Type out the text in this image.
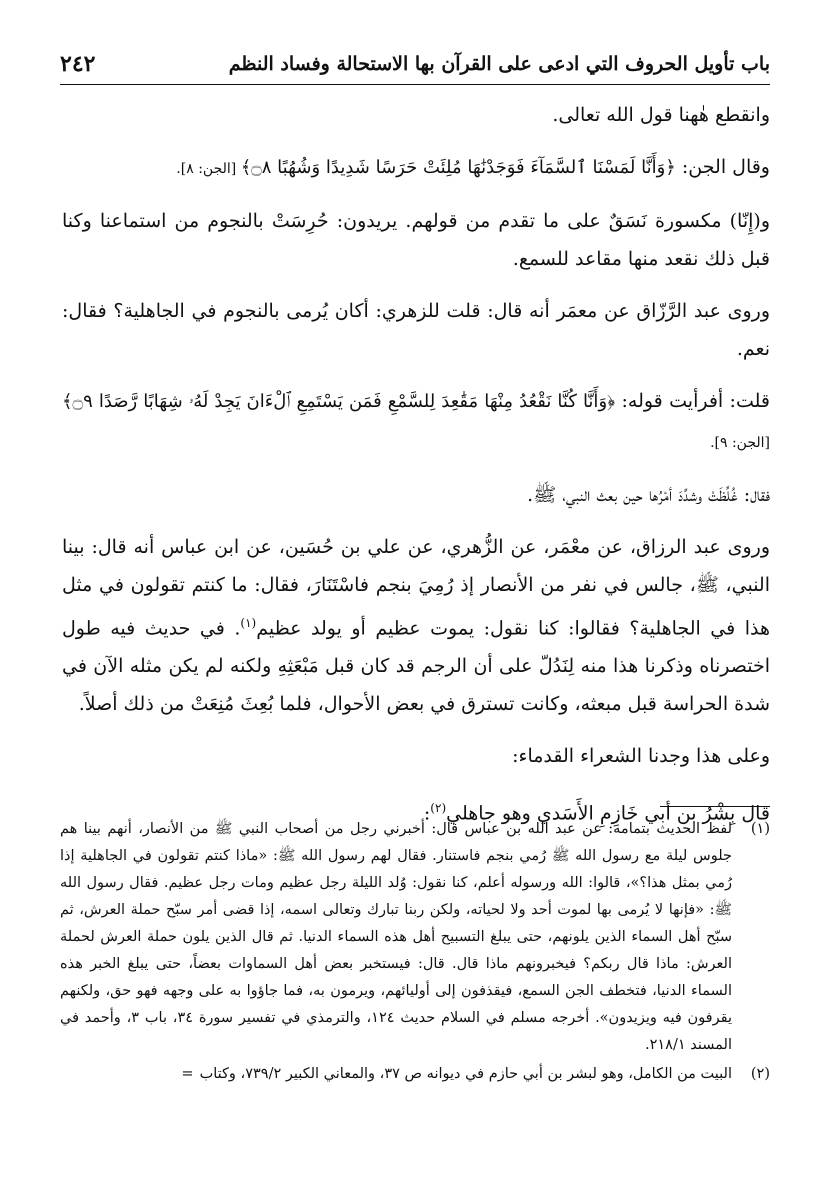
باب تأويل الحروف التي ادعى على القرآن بها الاستحالة وفساد النظم
٢٤٢

وانقطع هٰهنا قول الله تعالى.

وقال الجن: ﴿وَأَنَّا لَمَسْنَا ٱلسَّمَآءَ فَوَجَدْنَٰهَا مُلِئَتْ حَرَسًا شَدِيدًا وَشُهُبًا ۝٨﴾ [الجن: ٨].

و(إِنّا) مكسورة نَسَقٌ على ما تقدم من قولهم. يريدون: حُرِسَتْ بالنجوم من استماعنا وكنا قبل ذلك نقعد منها مقاعد للسمع.

وروى عبد الرَّزّاق عن معمَر أنه قال: قلت للزهري: أكان يُرمى بالنجوم في الجاهلية؟ فقال: نعم.

قلت: أفرأيت قوله: ﴿وَأَنَّا كُنَّا نَقْعُدُ مِنْهَا مَقَٰعِدَ لِلسَّمْعِ فَمَن يَسْتَمِعِ ٱلْءَانَ يَجِدْ لَهُۥ شِهَابًا رَّصَدًا ۝٩﴾ [الجن: ٩].

فقال: غُلِّظَتْ وشدِّدَ أمْرُها حين بعث النبي، ﷺ.

وروى عبد الرزاق، عن معْمَر، عن الزُّهري، عن علي بن حُسَين، عن ابن عباس أنه قال: بينا النبي، ﷺ، جالس في نفر من الأنصار إذ رُمِيَ بنجم فاسْتَنَارَ، فقال: ما كنتم تقولون في مثل هذا في الجاهلية؟ فقالوا: كنا نقول: يموت عظيم أو يولد عظيم$^{(١)}$. في حديث فيه طول اختصرناه وذكرنا هذا منه لِنَدُلّ على أن الرجم قد كان قبل مَبْعَثِهِ ولكنه لم يكن مثله الآن في شدة الحراسة قبل مبعثه، وكانت تسترق في بعض الأحوال، فلما بُعِثَ مُنِعَتْ من ذلك أصلاً.

وعلى هذا وجدنا الشعراء القدماء:

قال بِشْرُ بن أبي خَازِمِ الأَسَدي وهو جاهلي$^{(٢)}$:

(١)
لفظ الحديث بتمامه: عن عبد الله بن عباس قال: أخبرني رجل من أصحاب النبي ﷺ من الأنصار، أنهم بينا هم جلوس ليلة مع رسول الله ﷺ رُمي بنجم فاستنار. فقال لهم رسول الله ﷺ: «ماذا كنتم تقولون في الجاهلية إذا رُمي بمثل هذا؟»، قالوا: الله ورسوله أعلم، كنا نقول: وُلد الليلة رجل عظيم ومات رجل عظيم. فقال رسول الله ﷺ: «فإنها لا يُرمى بها لموت أحد ولا لحياته، ولكن ربنا تبارك وتعالى اسمه، إذا قضى أمر سبّح حملة العرش، ثم سبّح أهل السماء الذين يلونهم، حتى يبلغ التسبيح أهل هذه السماء الدنيا. ثم قال الذين يلون حملة العرش لحملة العرش: ماذا قال ربكم؟ فيخبرونهم ماذا قال. قال: فيستخبر بعض أهل السماوات بعضاً، حتى يبلغ الخبر هذه السماء الدنيا، فتخطف الجن السمع، فيقذفون إلى أوليائهم، ويرمون به، فما جاؤوا به على وجهه فهو حق، ولكنهم يقرفون فيه ويزيدون». أخرجه مسلم في السلام حديث ١٢٤، والترمذي في تفسير سورة ٣٤، باب ٣، وأحمد في المسند ٢١٨/١.
(٢)
البيت من الكامل، وهو لبشر بن أبي حازم في ديوانه ص ٣٧، والمعاني الكبير ٧٣٩/٢، وكتاب=
